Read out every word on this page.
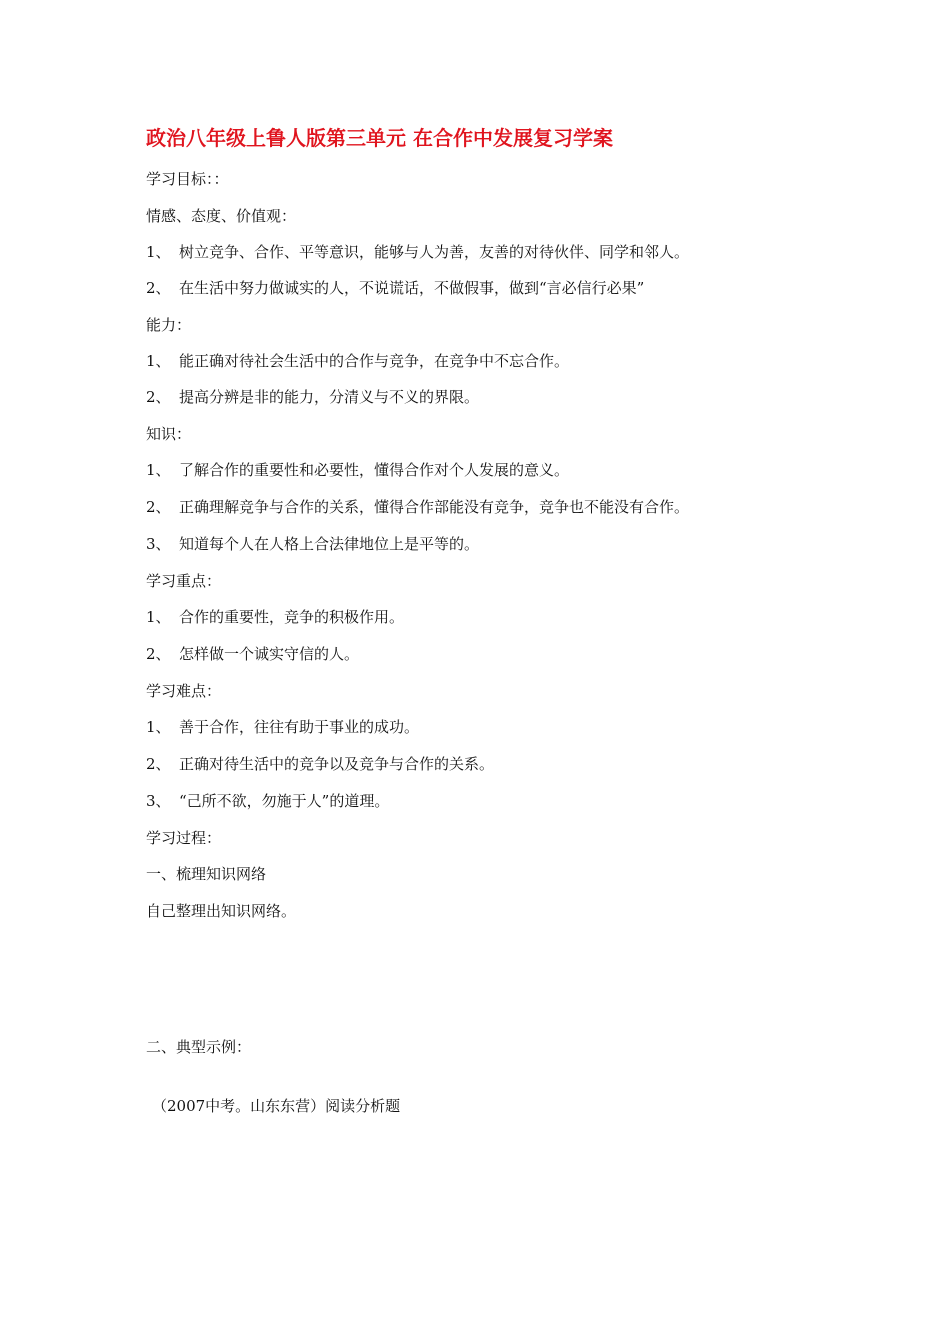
政治八年级上鲁人版第三单元 在合作中发展复习学案
学习目标：：
情感、态度、价值观：
1、 树立竞争、合作、平等意识，能够与人为善，友善的对待伙伴、同学和邻人。
2、 在生活中努力做诚实的人，不说谎话，不做假事，做到“言必信行必果”
能力：
1、 能正确对待社会生活中的合作与竞争，在竞争中不忘合作。
2、 提高分辨是非的能力，分清义与不义的界限。
知识：
1、 了解合作的重要性和必要性，懂得合作对个人发展的意义。
2、 正确理解竞争与合作的关系，懂得合作部能没有竞争，竞争也不能没有合作。
3、 知道每个人在人格上合法律地位上是平等的。
学习重点：
1、 合作的重要性，竞争的积极作用。
2、 怎样做一个诚实守信的人。
学习难点：
1、 善于合作，往往有助于事业的成功。
2、 正确对待生活中的竞争以及竞争与合作的关系。
3、 “己所不欲，勿施于人”的道理。
学习过程：
一、梳理知识网络
自己整理出知识网络。
二、典型示例：
（2007中考。山东东营）阅读分析题
